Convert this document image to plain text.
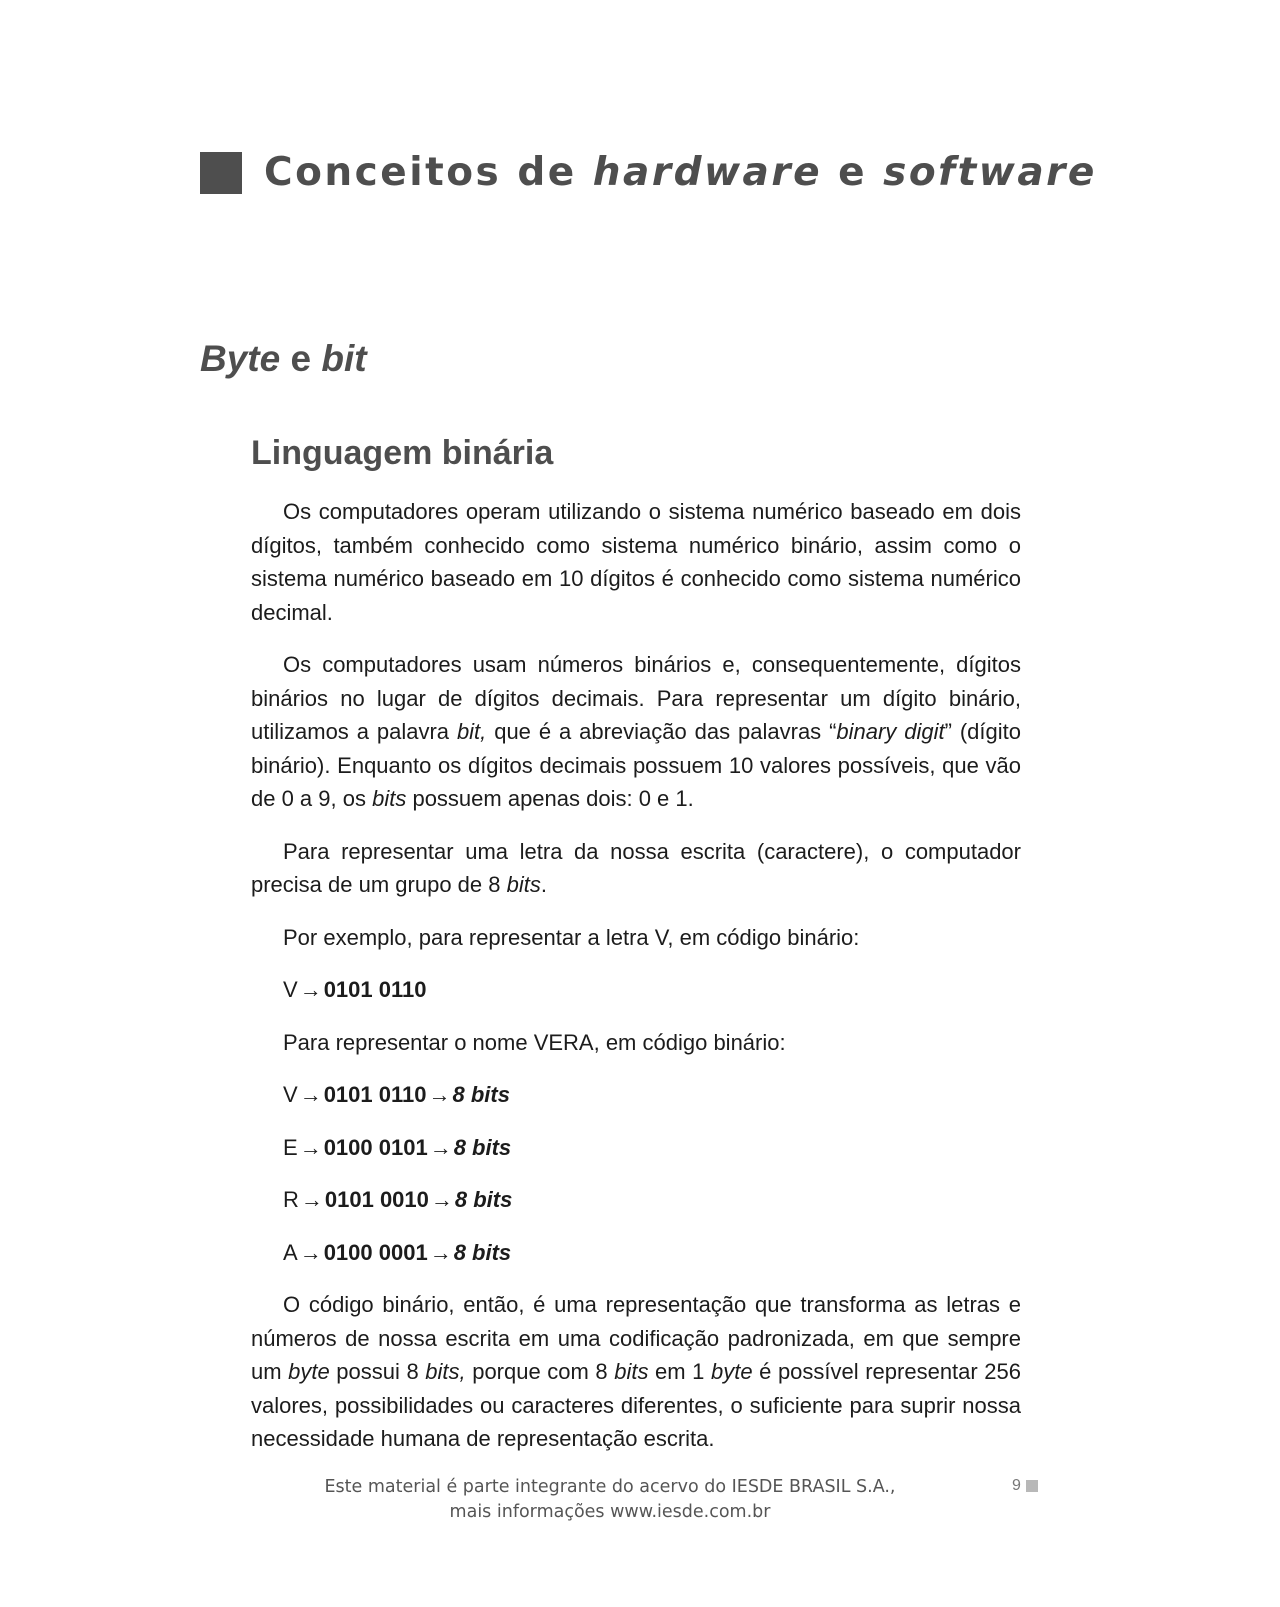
Conceitos de hardware e software
Byte e bit
Linguagem binária

Os computadores operam utilizando o sistema numérico baseado em dois dígitos, também conhecido como sistema numérico binário, assim como o sistema numérico baseado em 10 dígitos é conhecido como sistema numérico decimal.

Os computadores usam números binários e, consequentemente, dígitos binários no lugar de dígitos decimais. Para representar um dígito binário, utilizamos a palavra bit, que é a abreviação das palavras “binary digit” (dígito binário). Enquanto os dígitos decimais possuem 10 valores possíveis, que vão de 0 a 9, os bits possuem apenas dois: 0 e 1.

Para representar uma letra da nossa escrita (caractere), o computador precisa de um grupo de 8 bits.

Por exemplo, para representar a letra V, em código binário:

V→0101 0110

Para representar o nome VERA, em código binário:

V→0101 0110→8 bits
E→0100 0101→8 bits
R→0101 0010→8 bits
A→0100 0001→8 bits

O código binário, então, é uma representação que transforma as letras e números de nossa escrita em uma codificação padronizada, em que sempre um byte possui 8 bits, porque com 8 bits em 1 byte é possível representar 256 valores, possibilidades ou caracteres diferentes, o suficiente para suprir nossa necessidade humana de representação escrita.

Este material é parte integrante do acervo do IESDE BRASIL S.A.,
mais informações www.iesde.com.br
9
